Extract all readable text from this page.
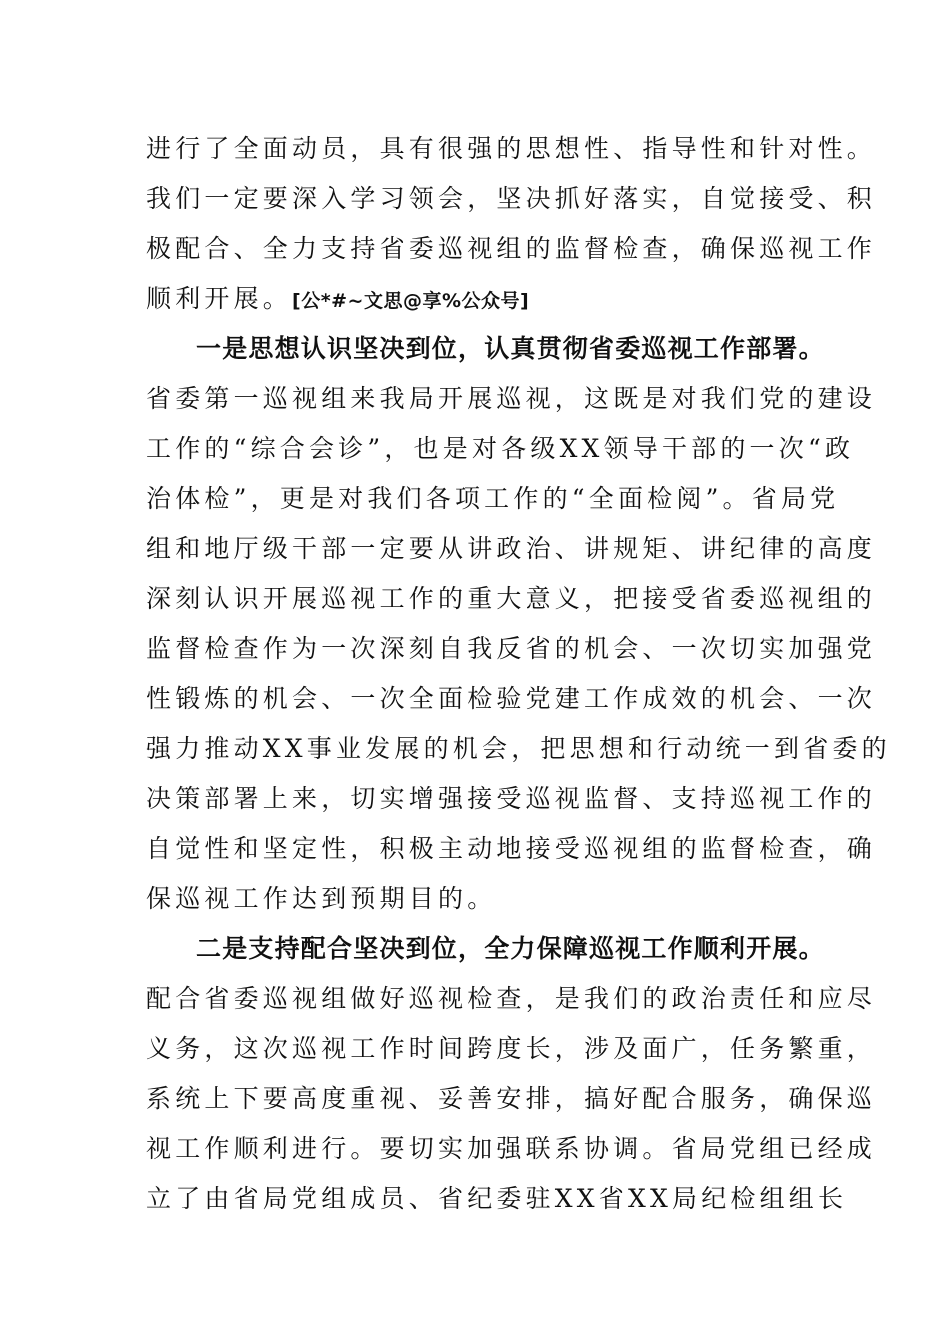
进行了全面动员，具有很强的思想性、指导性和针对性。
我们一定要深入学习领会，坚决抓好落实，自觉接受、积
极配合、全力支持省委巡视组的监督检查，确保巡视工作
顺利开展。[公*#~文思@享%公众号]
一是思想认识坚决到位，认真贯彻省委巡视工作部署。
省委第一巡视组来我局开展巡视，这既是对我们党的建设
工作的“综合会诊”，也是对各级XX领导干部的一次“政
治体检”，更是对我们各项工作的“全面检阅”。省局党
组和地厅级干部一定要从讲政治、讲规矩、讲纪律的高度
深刻认识开展巡视工作的重大意义，把接受省委巡视组的
监督检查作为一次深刻自我反省的机会、一次切实加强党
性锻炼的机会、一次全面检验党建工作成效的机会、一次
强力推动XX事业发展的机会，把思想和行动统一到省委的
决策部署上来，切实增强接受巡视监督、支持巡视工作的
自觉性和坚定性，积极主动地接受巡视组的监督检查，确
保巡视工作达到预期目的。
二是支持配合坚决到位，全力保障巡视工作顺利开展。
配合省委巡视组做好巡视检查，是我们的政治责任和应尽
义务，这次巡视工作时间跨度长，涉及面广，任务繁重，
系统上下要高度重视、妥善安排，搞好配合服务，确保巡
视工作顺利进行。要切实加强联系协调。省局党组已经成
立了由省局党组成员、省纪委驻XX省XX局纪检组组长
